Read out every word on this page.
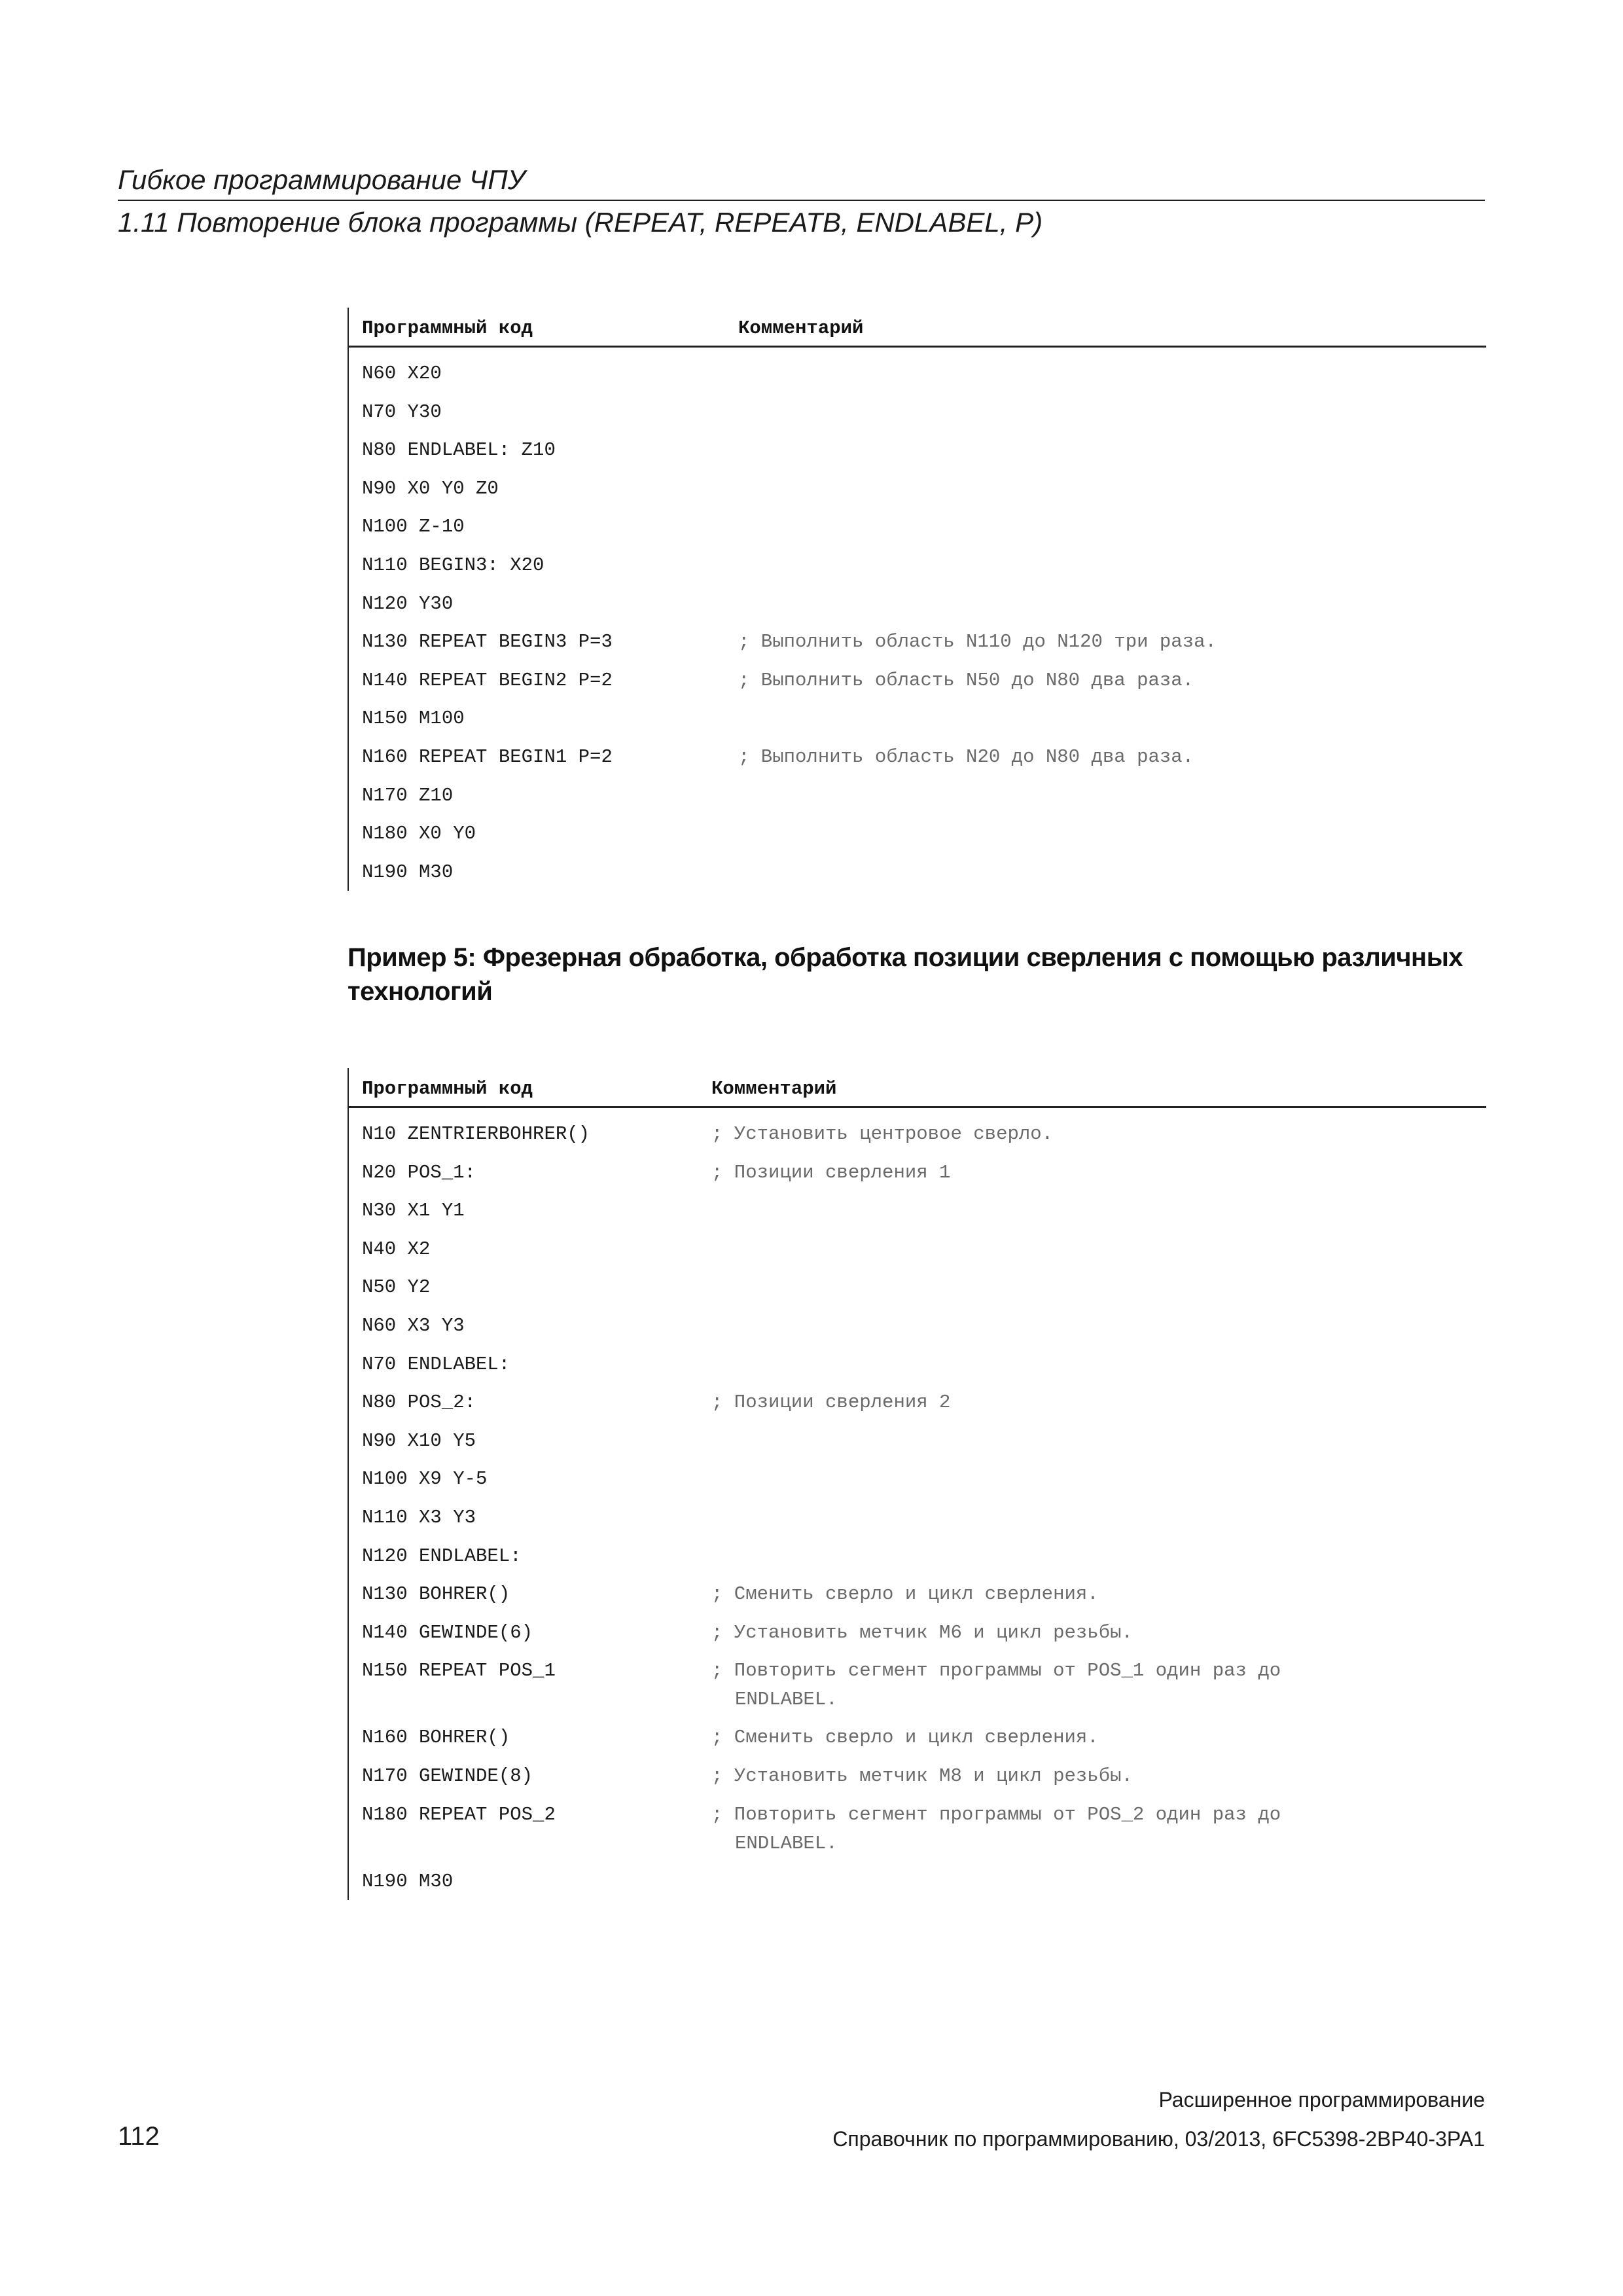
Гибкое программирование ЧПУ
1.11 Повторение блока программы (REPEAT, REPEATB, ENDLABEL, P)
Программный код	Комментарий
N60 X20
N70 Y30
N80 ENDLABEL: Z10
N90 X0 Y0 Z0
N100 Z-10
N110 BEGIN3: X20
N120 Y30
N130 REPEAT BEGIN3 P=3	; Выполнить область N110 до N120 три раза.
N140 REPEAT BEGIN2 P=2	; Выполнить область N50 до N80 два раза.
N150 M100
N160 REPEAT BEGIN1 P=2	; Выполнить область N20 до N80 два раза.
N170 Z10
N180 X0 Y0
N190 M30
Пример 5: Фрезерная обработка, обработка позиции сверления с помощью различных технологий
Программный код	Комментарий
N10 ZENTRIERBOHRER()	; Установить центровое сверло.
N20 POS_1:	; Позиции сверления 1
N30 X1 Y1
N40 X2
N50 Y2
N60 X3 Y3
N70 ENDLABEL:
N80 POS_2:	; Позиции сверления 2
N90 X10 Y5
N100 X9 Y-5
N110 X3 Y3
N120 ENDLABEL:
N130 BOHRER()	; Сменить сверло и цикл сверления.
N140 GEWINDE(6)	; Установить метчик M6 и цикл резьбы.
N150 REPEAT POS_1	; Повторить сегмент программы от POS_1 один раз до
ENDLABEL.
N160 BOHRER()	; Сменить сверло и цикл сверления.
N170 GEWINDE(8)	; Установить метчик M8 и цикл резьбы.
N180 REPEAT POS_2	; Повторить сегмент программы от POS_2 один раз до
ENDLABEL.
N190 M30
Расширенное программирование
112	Справочник по программированию, 03/2013, 6FC5398-2BP40-3PA1
